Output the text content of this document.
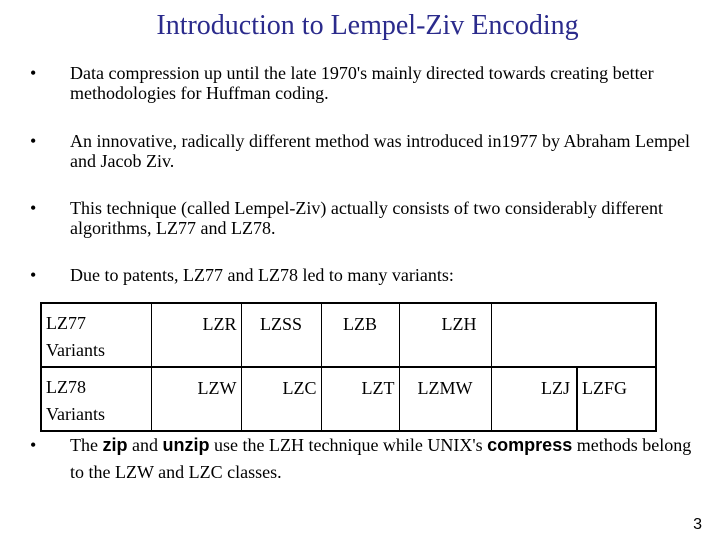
Introduction to Lempel-Ziv Encoding
• Data compression up until the late 1970's mainly directed towards creating better methodologies for Huffman coding.
• An innovative, radically different method was introduced in1977 by Abraham Lempel and Jacob Ziv.
• This technique (called Lempel-Ziv) actually consists of two considerably different algorithms, LZ77 and LZ78.
• Due to patents, LZ77 and LZ78 led to many variants:
LZ77
Variants	LZR	LZSS	LZB	LZH		
LZ78
Variants	LZW	LZC	LZT	LZMW	LZJ	LZFG
• The zip and unzip use the LZH technique while UNIX's compress methods belong to the LZW and LZC classes.
3
